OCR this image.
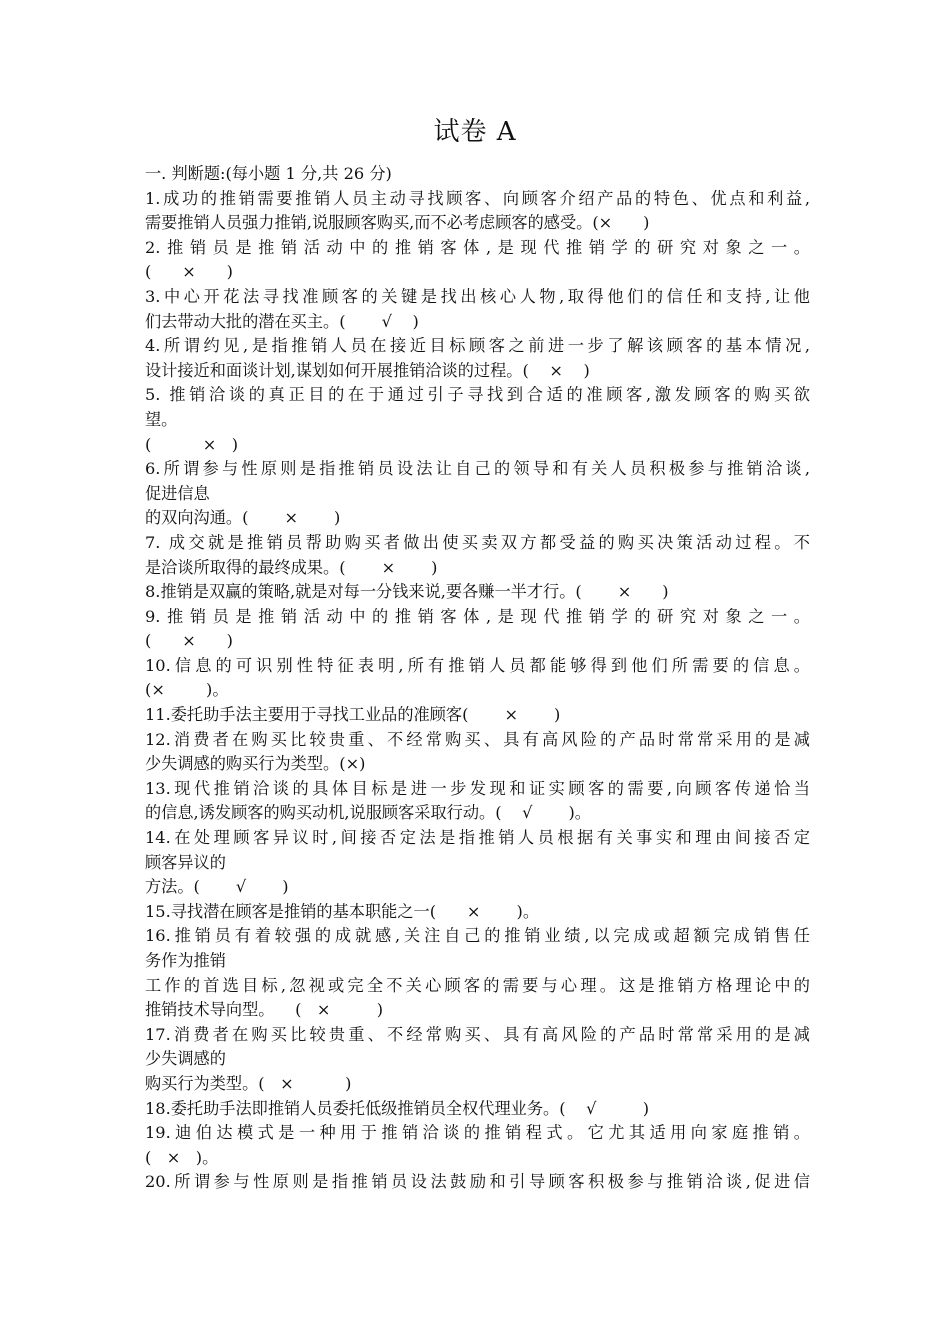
试卷 A
一. 判断题:(每小题 1 分,共 26 分)
1.成功的推销需要推销人员主动寻找顾客、向顾客介绍产品的特色、优点和利益,
需要推销人员强力推销,说服顾客购买,而不必考虑顾客的感受。(×      )
2.推销员是推销活动中的推销客体,是现代推销学的研究对象之一。
(      ×      )
3.中心开花法寻找准顾客的关键是找出核心人物,取得他们的信任和支持,让他
们去带动大批的潜在买主。(       √    )
4.所谓约见,是指推销人员在接近目标顾客之前进一步了解该顾客的基本情况,
设计接近和面谈计划,谋划如何开展推销洽谈的过程。(    ×    )
5. 推销洽谈的真正目的在于通过引子寻找到合适的准顾客,激发顾客的购买欲
望。
(          ×   )
6.所谓参与性原则是指推销员设法让自己的领导和有关人员积极参与推销洽谈,
促进信息
的双向沟通。(       ×       )
7. 成交就是推销员帮助购买者做出使买卖双方都受益的购买决策活动过程。不
是洽谈所取得的最终成果。(       ×       )
8.推销是双赢的策略,就是对每一分钱来说,要各赚一半才行。(       ×      )
9.推销员是推销活动中的推销客体,是现代推销学的研究对象之一。
(      ×      )
10.信息的可识别性特征表明,所有推销人员都能够得到他们所需要的信息。
(×        )。
11.委托助手法主要用于寻找工业品的准顾客(       ×       )
12.消费者在购买比较贵重、不经常购买、具有高风险的产品时常常采用的是减
少失调感的购买行为类型。(×)
13.现代推销洽谈的具体目标是进一步发现和证实顾客的需要,向顾客传递恰当
的信息,诱发顾客的购买动机,说服顾客采取行动。(    √       )。
14.在处理顾客异议时,间接否定法是指推销人员根据有关事实和理由间接否定
顾客异议的
方法。(       √       )
15.寻找潜在顾客是推销的基本职能之一(      ×       )。
16.推销员有着较强的成就感,关注自己的推销业绩,以完成或超额完成销售任
务作为推销
工作的首选目标,忽视或完全不关心顾客的需要与心理。这是推销方格理论中的
推销技术导向型。    (   ×         )
17.消费者在购买比较贵重、不经常购买、具有高风险的产品时常常采用的是减
少失调感的
购买行为类型。(   ×          )
18.委托助手法即推销人员委托低级推销员全权代理业务。(    √         )
19.迪伯达模式是一种用于推销洽谈的推销程式。它尤其适用向家庭推销。
(   ×   )。
20.所谓参与性原则是指推销员设法鼓励和引导顾客积极参与推销洽谈,促进信
